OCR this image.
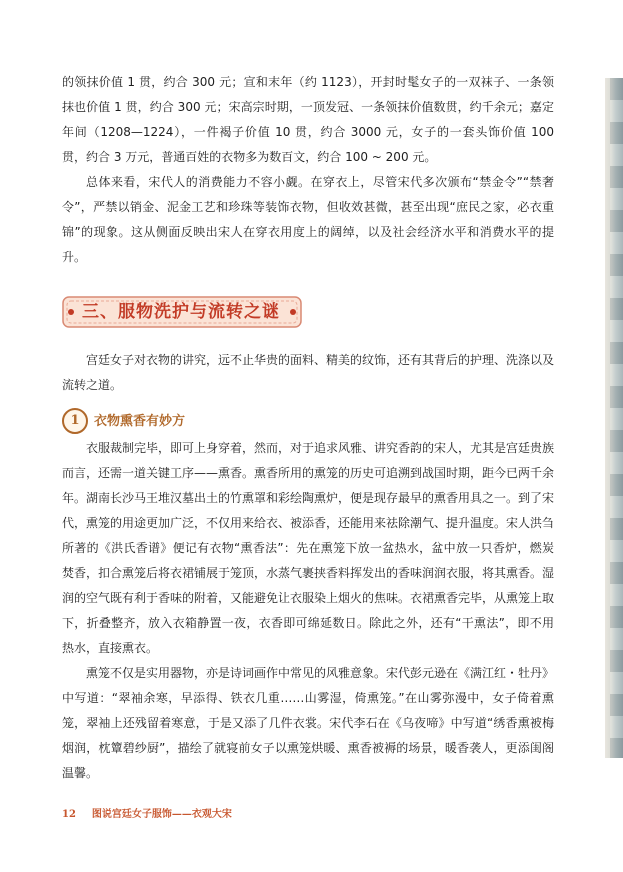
的领抹价值 1 贯，约合 300 元；宣和末年（约 1123），开封时髦女子的一双袜子、一条领抹也价值 1 贯，约合 300 元；宋高宗时期，一顶发冠、一条领抹价值数贯，约千余元；嘉定年间（1208—1224），一件褐子价值 10 贯，约合 3000 元，女子的一套头饰价值 100 贯，约合 3 万元，普通百姓的衣物多为数百文，约合 100 ~ 200 元。

总体来看，宋代人的消费能力不容小觑。在穿衣上，尽管宋代多次颁布“禁金令”“禁奢令”，严禁以销金、泥金工艺和珍珠等装饰衣物，但收效甚微，甚至出现“庶民之家，必衣重锦”的现象。这从侧面反映出宋人在穿衣用度上的阔绰，以及社会经济水平和消费水平的提升。

三、服物洗护与流转之谜

宫廷女子对衣物的讲究，远不止华贵的面料、精美的纹饰，还有其背后的护理、洗涤以及流转之道。

1	衣物熏香有妙方

衣服裁制完毕，即可上身穿着，然而，对于追求风雅、讲究香韵的宋人，尤其是宫廷贵族而言，还需一道关键工序——熏香。熏香所用的熏笼的历史可追溯到战国时期，距今已两千余年。湖南长沙马王堆汉墓出土的竹熏罩和彩绘陶熏炉，便是现存最早的熏香用具之一。到了宋代，熏笼的用途更加广泛，不仅用来给衣、被添香，还能用来祛除潮气、提升温度。宋人洪刍所著的《洪氏香谱》便记有衣物“熏香法”：先在熏笼下放一盆热水，盆中放一只香炉，燃炭焚香，扣合熏笼后将衣裙铺展于笼顶，水蒸气裹挟香料挥发出的香味润润衣服，将其熏香。湿润的空气既有利于香味的附着，又能避免让衣服染上烟火的焦味。衣裙熏香完毕，从熏笼上取下，折叠整齐，放入衣箱静置一夜，衣香即可绵延数日。除此之外，还有“干熏法”，即不用热水，直接熏衣。

熏笼不仅是实用器物，亦是诗词画作中常见的风雅意象。宋代彭元逊在《满江红・牡丹》中写道：“翠袖余寒，早添得、铁衣几重……山雾湿，倚熏笼。”在山雾弥漫中，女子倚着熏笼，翠袖上还残留着寒意，于是又添了几件衣裳。宋代李石在《乌夜啼》中写道“绣香熏被梅烟润，枕簟碧纱厨”，描绘了就寝前女子以熏笼烘暖、熏香被褥的场景，暖香袭人，更添闺阁温馨。

12 图说宫廷女子服饰——衣观大宋
